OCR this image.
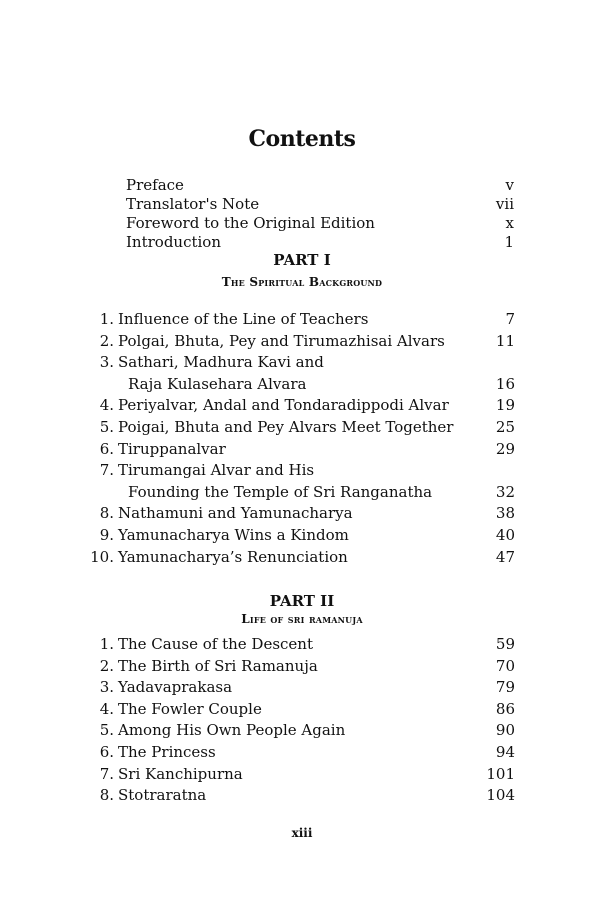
Contents
Preface	v
Translator's Note	vii
Foreword to the Original Edition	x
Introduction	1
PART I
The Spiritual Background
1. Influence of the Line of Teachers	7
2. Polgai, Bhuta, Pey and Tirumazhisai Alvars	11
3. Sathari, Madhura Kavi and
Raja Kulasehara Alvara	16
4. Periyalvar, Andal and Tondaradippodi Alvar	19
5. Poigai, Bhuta and Pey Alvars Meet Together	25
6. Tiruppanalvar	29
7. Tirumangai Alvar and His
Founding the Temple of Sri Ranganatha	32
8. Nathamuni and Yamunacharya	38
9. Yamunacharya Wins a Kindom	40
10. Yamunacharya’s Renunciation	47
PART II
Life of sri ramanuja
1. The Cause of the Descent	59
2. The Birth of Sri Ramanuja	70
3. Yadavaprakasa	79
4. The Fowler Couple	86
5. Among His Own People Again	90
6. The Princess	94
7. Sri Kanchipurna	101
8. Stotraratna	104
xiii
